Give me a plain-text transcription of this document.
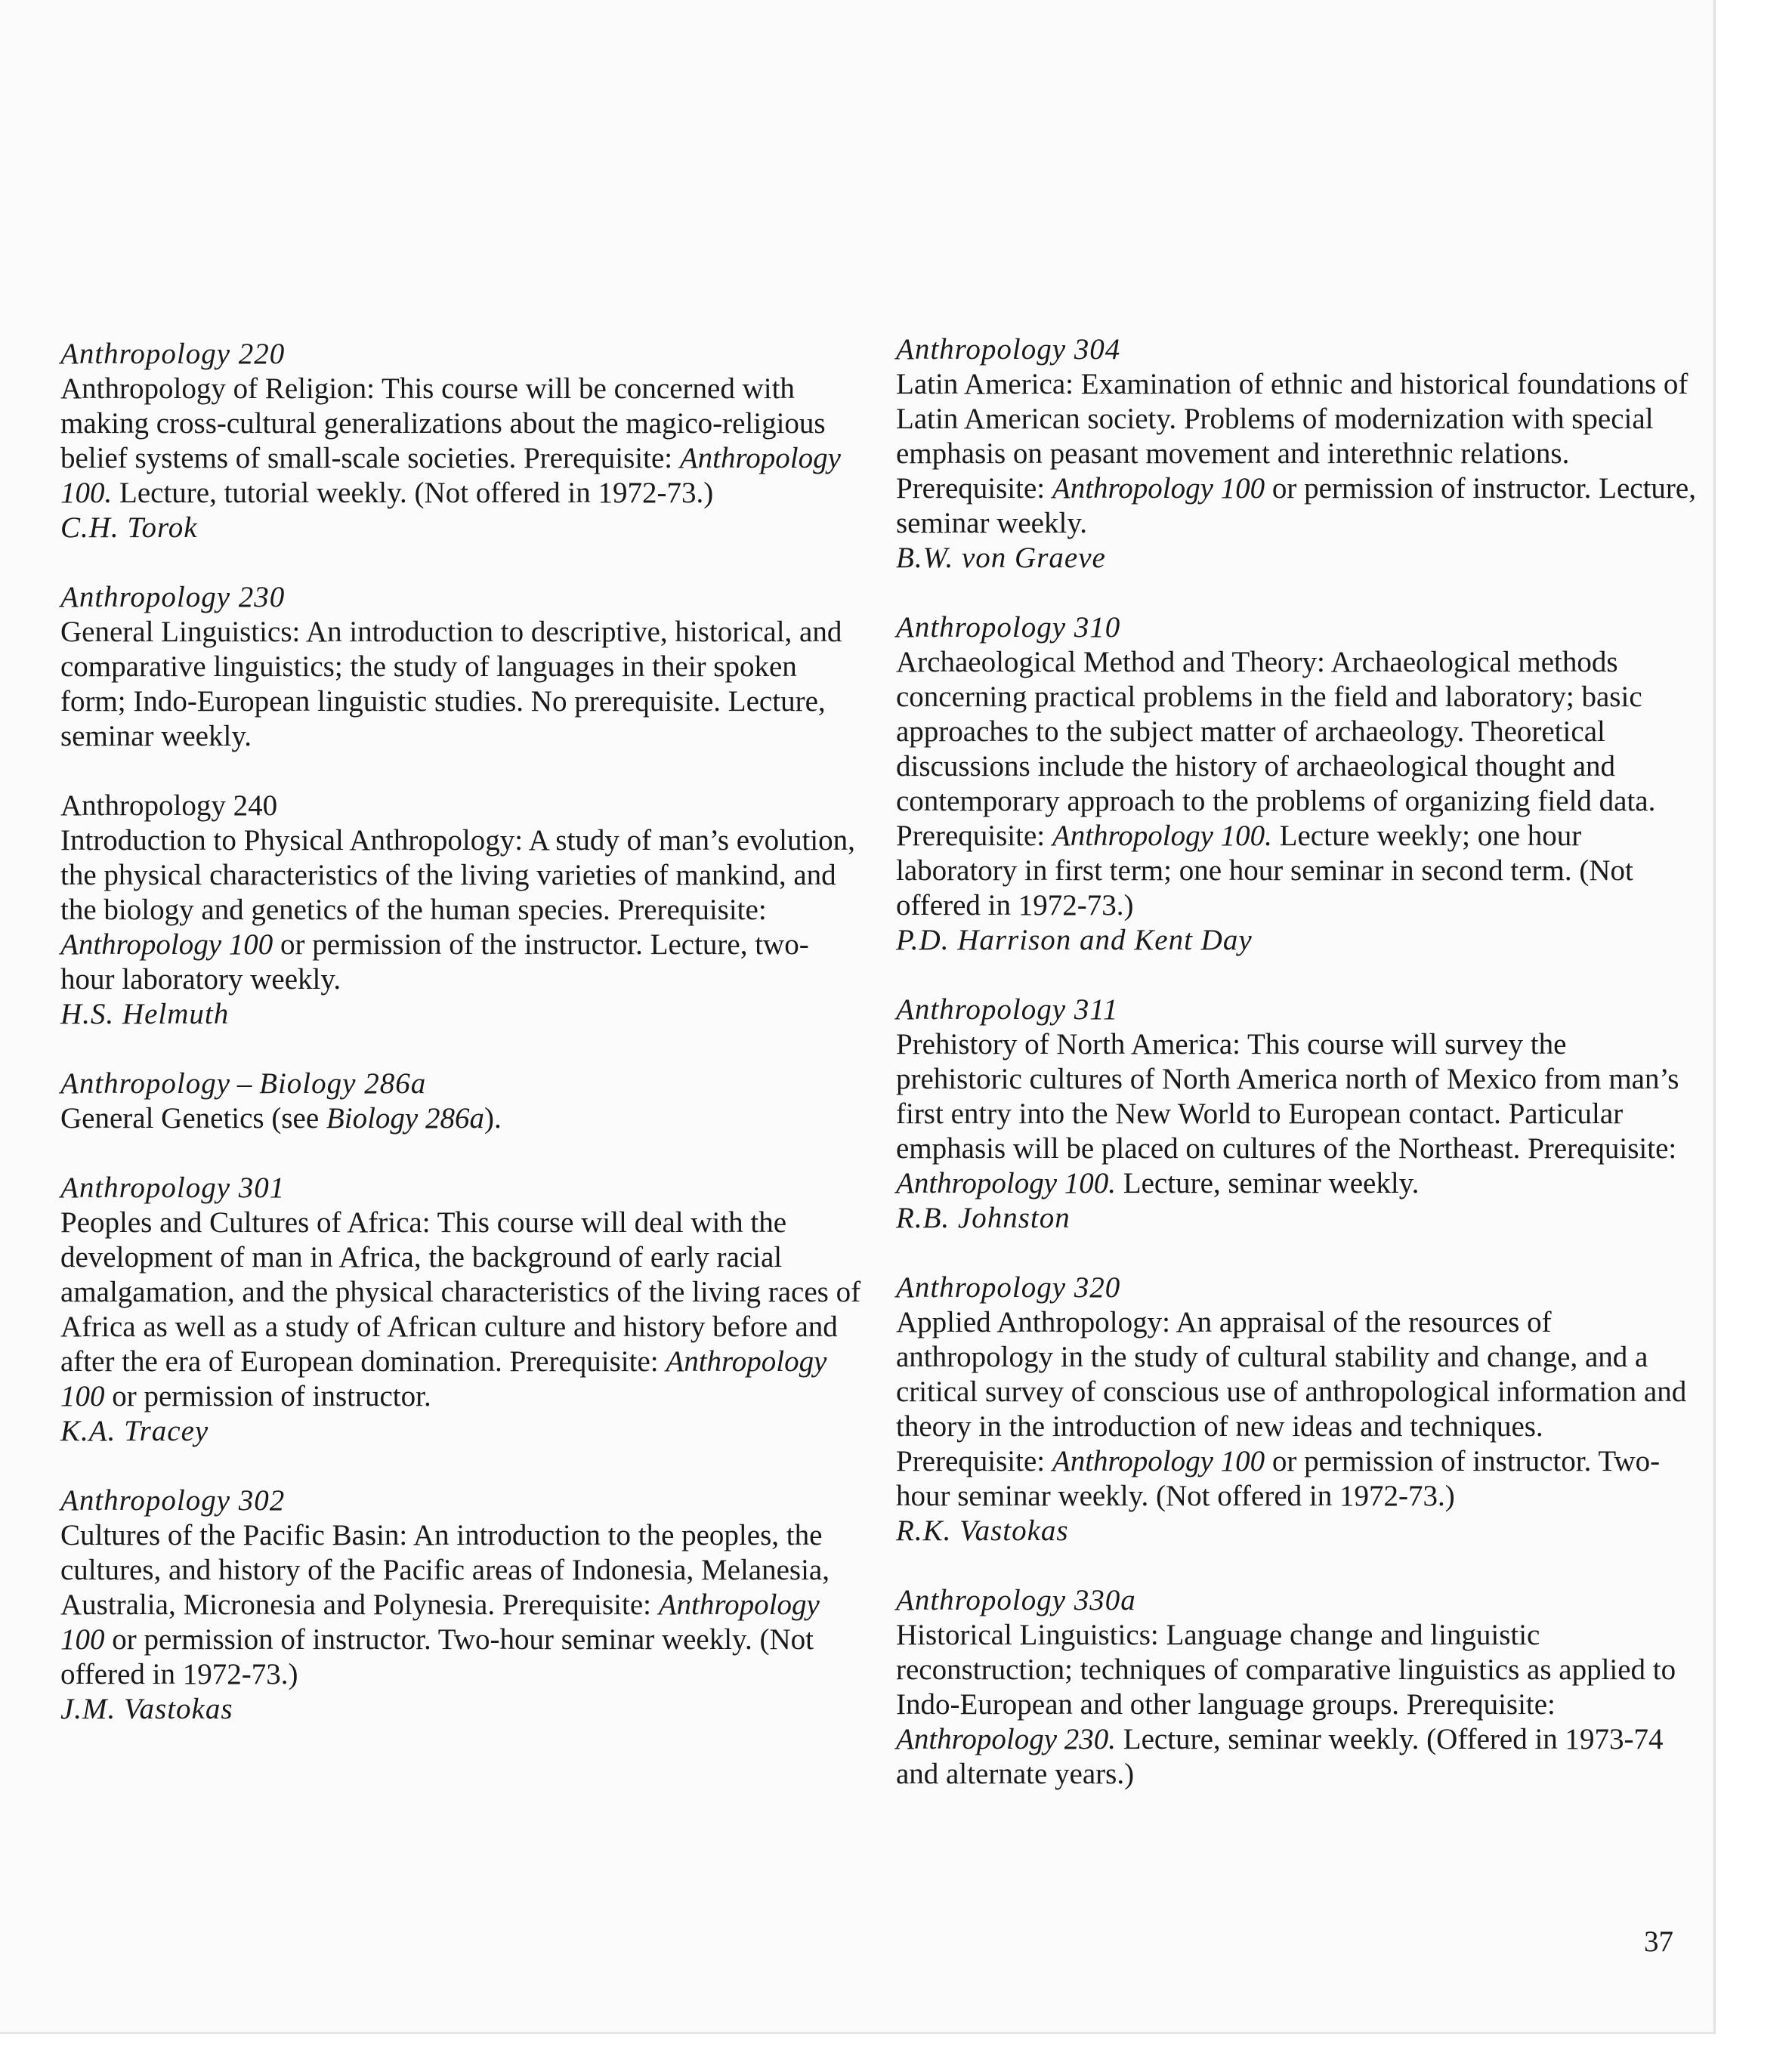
Anthropology 220

Anthropology of Religion: This course will be concerned with making cross-cultural generalizations about the magico-religious belief systems of small-scale societies. Prerequisite: Anthropology 100. Lecture, tutorial weekly. (Not offered in 1972-73.)

C.H. Torok
Anthropology 230

General Linguistics: An introduction to descriptive, historical, and comparative linguistics; the study of languages in their spoken form; Indo-European linguistic studies. No prerequisite. Lecture, seminar weekly.

Anthropology 240

Introduction to Physical Anthropology: A study of man’s evolution, the physical characteristics of the living varieties of mankind, and the biology and genetics of the human species. Prerequisite: Anthropology 100 or permission of the instructor. Lecture, two-hour laboratory weekly.

H.S. Helmuth
Anthropology – Biology 286a

General Genetics (see Biology 286a).

Anthropology 301

Peoples and Cultures of Africa: This course will deal with the development of man in Africa, the background of early racial amalgamation, and the physical characteristics of the living races of Africa as well as a study of African culture and history before and after the era of European domination. Prerequisite: Anthropology 100 or permission of instructor.

K.A. Tracey
Anthropology 302

Cultures of the Pacific Basin: An introduction to the peoples, the cultures, and history of the Pacific areas of Indonesia, Melanesia, Australia, Micronesia and Polynesia. Prerequisite: Anthropology 100 or permission of instructor. Two-hour seminar weekly. (Not offered in 1972-73.)

J.M. Vastokas
Anthropology 304

Latin America: Examination of ethnic and historical foundations of Latin American society. Problems of modernization with special emphasis on peasant movement and interethnic relations. Prerequisite: Anthropology 100 or permission of instructor. Lecture, seminar weekly.

B.W. von Graeve
Anthropology 310

Archaeological Method and Theory: Archaeological methods concerning practical problems in the field and laboratory; basic approaches to the subject matter of archaeology. Theoretical discussions include the history of archaeological thought and contemporary approach to the problems of organizing field data. Prerequisite: Anthropology 100. Lecture weekly; one hour laboratory in first term; one hour seminar in second term. (Not offered in 1972-73.)

P.D. Harrison and Kent Day
Anthropology 311

Prehistory of North America: This course will survey the prehistoric cultures of North America north of Mexico from man’s first entry into the New World to European contact. Particular emphasis will be placed on cultures of the Northeast. Prerequisite: Anthropology 100. Lecture, seminar weekly.

R.B. Johnston
Anthropology 320

Applied Anthropology: An appraisal of the resources of anthropology in the study of cultural stability and change, and a critical survey of conscious use of anthropological information and theory in the introduction of new ideas and techniques. Prerequisite: Anthropology 100 or permission of instructor. Two-hour seminar weekly. (Not offered in 1972-73.)

R.K. Vastokas
Anthropology 330a

Historical Linguistics: Language change and linguistic reconstruction; techniques of comparative linguistics as applied to Indo-European and other language groups. Prerequisite: Anthropology 230. Lecture, seminar weekly. (Offered in 1973-74 and alternate years.)

37
